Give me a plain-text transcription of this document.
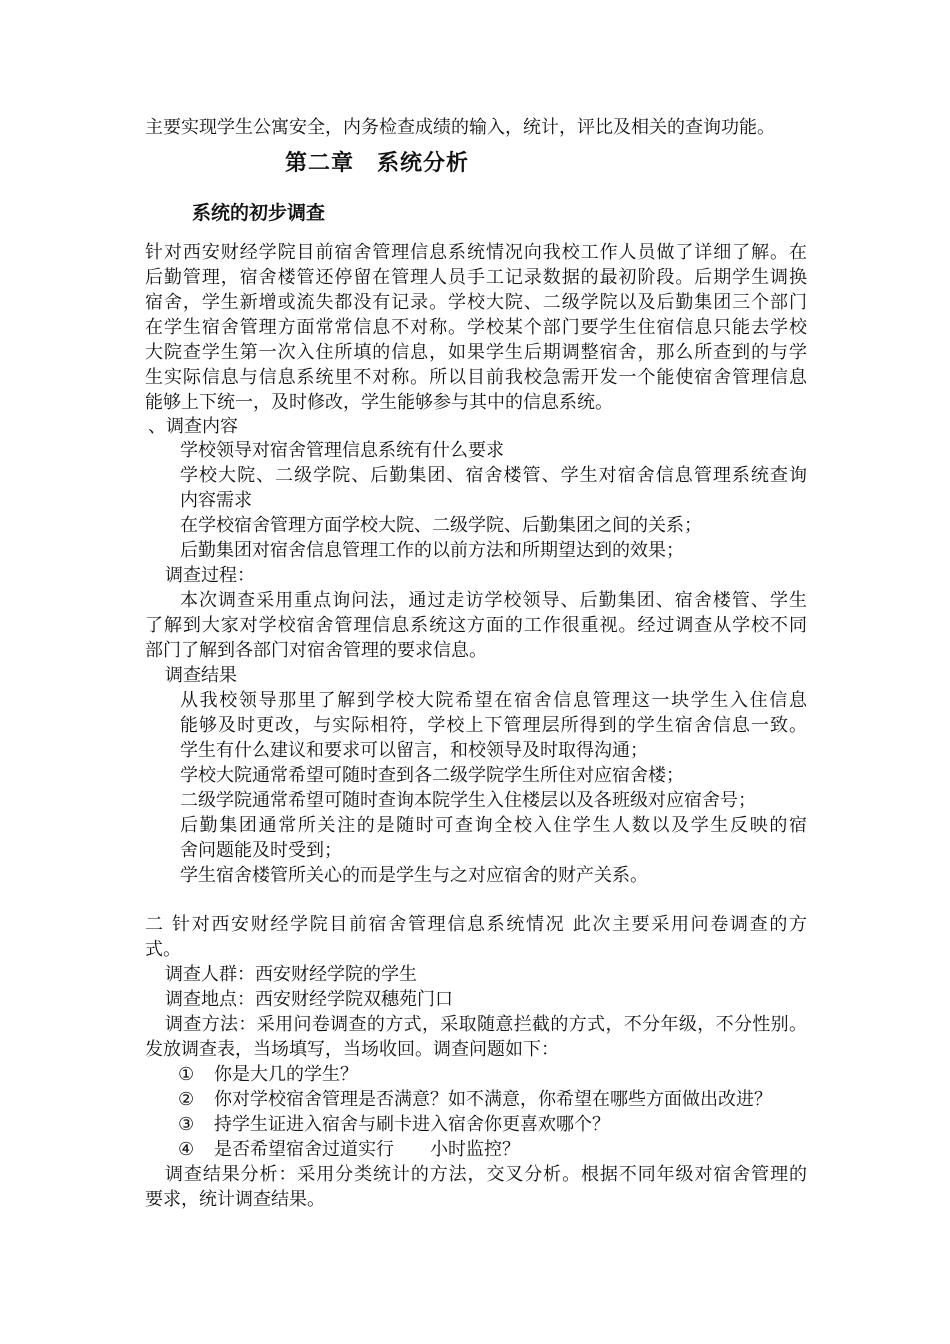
主要实现学生公寓安全，内务检查成绩的输入，统计，评比及相关的查询功能。
第二章　系统分析
系统的初步调查
针对西安财经学院目前宿舍管理信息系统情况向我校工作人员做了详细了解。在
后勤管理，宿舍楼管还停留在管理人员手工记录数据的最初阶段。后期学生调换
宿舍，学生新增或流失都没有记录。学校大院、二级学院以及后勤集团三个部门
在学生宿舍管理方面常常信息不对称。学校某个部门要学生住宿信息只能去学校
大院查学生第一次入住所填的信息，如果学生后期调整宿舍，那么所查到的与学
生实际信息与信息系统里不对称。所以目前我校急需开发一个能使宿舍管理信息
能够上下统一，及时修改，学生能够参与其中的信息系统。
、调查内容
学校领导对宿舍管理信息系统有什么要求
学校大院、二级学院、后勤集团、宿舍楼管、学生对宿舍信息管理系统查询
内容需求
在学校宿舍管理方面学校大院、二级学院、后勤集团之间的关系；
后勤集团对宿舍信息管理工作的以前方法和所期望达到的效果；
调查过程：
本次调查采用重点询问法，通过走访学校领导、后勤集团、宿舍楼管、学生
了解到大家对学校宿舍管理信息系统这方面的工作很重视。经过调查从学校不同
部门了解到各部门对宿舍管理的要求信息。
调查结果
从我校领导那里了解到学校大院希望在宿舍信息管理这一块学生入住信息
能够及时更改，与实际相符，学校上下管理层所得到的学生宿舍信息一致。
学生有什么建议和要求可以留言，和校领导及时取得沟通；
学校大院通常希望可随时查到各二级学院学生所住对应宿舍楼；
二级学院通常希望可随时查询本院学生入住楼层以及各班级对应宿舍号；
后勤集团通常所关注的是随时可查询全校入住学生人数以及学生反映的宿
舍问题能及时受到；
学生宿舍楼管所关心的而是学生与之对应宿舍的财产关系。
二 针对西安财经学院目前宿舍管理信息系统情况 此次主要采用问卷调查的方
式。
调查人群：西安财经学院的学生
调查地点：西安财经学院双穗苑门口
调查方法：采用问卷调查的方式，采取随意拦截的方式，不分年级，不分性别。
发放调查表，当场填写，当场收回。调查问题如下：
① 你是大几的学生？
② 你对学校宿舍管理是否满意？如不满意，你希望在哪些方面做出改进？
③ 持学生证进入宿舍与刷卡进入宿舍你更喜欢哪个？
④ 是否希望宿舍过道实行　　小时监控？
调查结果分析：采用分类统计的方法，交叉分析。根据不同年级对宿舍管理的
要求，统计调查结果。
